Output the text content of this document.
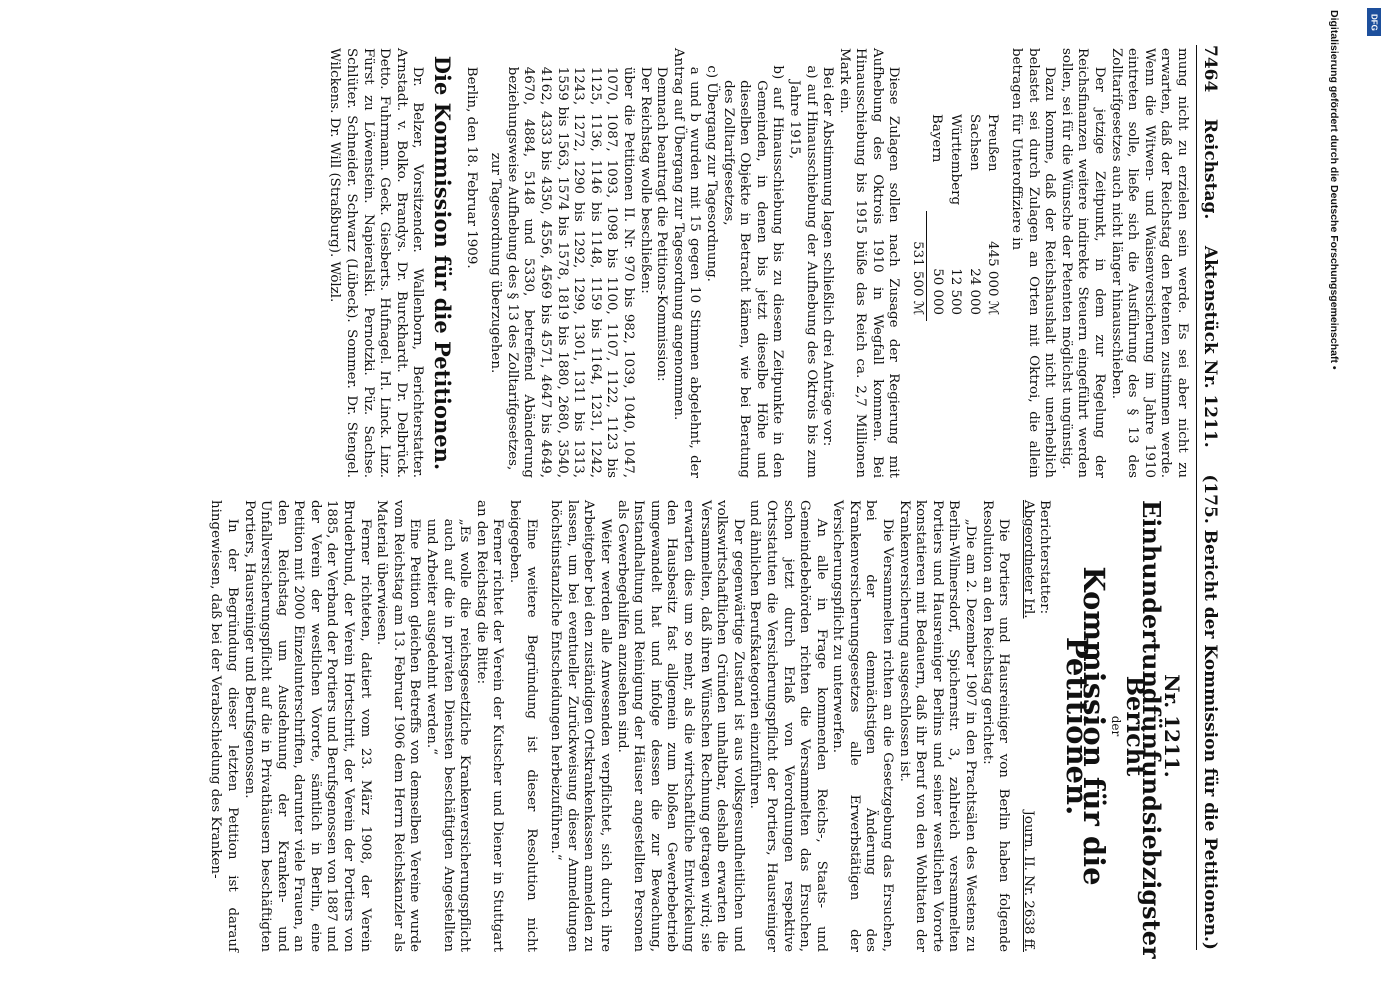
7464
Reichstag.
Aktenstück Nr. 1211.
(175. Bericht der Kommission für die Petitionen.)

mung nicht zu erzielen sein werde. Es sei aber nicht zu erwarten, daß der Reichstag den Petenten zustimmen werde. Wenn die Witwen- und Waisenversicherung im Jahre 1910 eintreten solle, ließe sich die Ausführung des § 13 des Zolltarifgesetzes auch nicht länger hinausschieben.

Der jetzige Zeitpunkt, in dem zur Regelung der Reichsfinanzen weitere indirekte Steuern eingeführt werden sollen, sei für die Wünsche der Petenten möglichst ungünstig.

Dazu komme, daß der Reichshaushalt nicht unerheblich belastet sei durch Zulagen an Orten mit Oktroi, die allein betragen für Unteroffiziere in

Preußen	445 000 ℳ
Sachsen	24 000
Württemberg	12 500
Bayern	50 000
	531 500 ℳ

Diese Zulagen sollen nach Zusage der Regierung mit Aufhebung des Oktrois 1910 in Wegfall kommen. Bei Hinausschiebung bis 1915 büße das Reich ca. 2,7 Millionen Mark ein.

Bei der Abstimmung lagen schließlich drei Anträge vor:

a) auf Hinausschiebung der Aufhebung des Oktrois bis zum Jahre 1915,

b) auf Hinausschiebung bis zu diesem Zeitpunkte in den Gemeinden, in denen bis jetzt dieselbe Höhe und dieselben Objekte in Betracht kämen, wie bei Beratung des Zolltarifgesetzes,

c) Übergang zur Tagesordnung.

a und b wurden mit 15 gegen 10 Stimmen abgelehnt, der Antrag auf Übergang zur Tagesordnung angenommen.

Demnach beantragt die Petitions-Kommission:

Der Reichstag wolle beschließen:

über die Petitionen II. Nr. 970 bis 982, 1039, 1040, 1047, 1070, 1087, 1093, 1098 bis 1100, 1107, 1122, 1123 bis 1125, 1136, 1146 bis 1148, 1159 bis 1164, 1231, 1242, 1243, 1272, 1290 bis 1292, 1299, 1301, 1311 bis 1313, 1559 bis 1563, 1574 bis 1578, 1819 bis 1880, 2680, 3540, 4162, 4333 bis 4350, 4556, 4569 bis 4571, 4647 bis 4649, 4670, 4884, 5148 und 5330, betreffend Abänderung beziehungsweise Aufhebung des § 13 des Zolltarifgesetzes,

zur Tagesordnung überzugehen.

Berlin, den 18. Februar 1909.

Die Kommission für die Petitionen.

Dr. Belzer, Vorsitzender. Wallenborn, Berichterstatter. Arnstadt. v. Bolko. Brandys. Dr. Burckhardt. Dr. Delbrück. Detto. Fuhrmann. Geck. Giesberts. Hufnagel. Irl. Linck. Linz. Fürst zu Löwenstein. Napieralski. Pernotzki. Püz. Sachse. Schlüter. Schneider. Schwarz (Lübeck). Sommer. Dr. Stengel. Wilckens. Dr. Will (Straßburg). Wölzl.

Nr. 1211.
Einhundertundfünfundsiebzigster Bericht
der
Kommission für die Petitionen.
Berichterstatter:
Abgeordneter Irl.
Journ. II. Nr. 2638 ff.

Die Portiers und Hausreiniger von Berlin haben folgende Resolution an den Reichstag gerichtet:

„Die am 2. Dezember 1907 in den Prachtsälen des Westens zu Berlin-Wilmersdorf, Spichernstr. 3, zahlreich versammelten Portiers und Hausreiniger Berlins und seiner westlichen Vororte konstatieren mit Bedauern, daß ihr Beruf von den Wohltaten der Krankenversicherung ausgeschlossen ist.

Die Versammelten richten an die Gesetzgebung das Ersuchen, bei der demnächstigen Änderung des Krankenversicherungsgesetzes alle Erwerbstätigen der Versicherungspflicht zu unterwerfen.

An alle in Frage kommenden Reichs-, Staats- und Gemeindebehörden richten die Versammelten das Ersuchen, schon jetzt durch Erlaß von Verordnungen respektive Ortsstatuten die Versicherungspflicht der Portiers, Hausreiniger und ähnlichen Berufskategorien einzuführen.

Der gegenwärtige Zustand ist aus volksgesundheitlichen und volkswirtschaftlichen Gründen unhaltbar, deshalb erwarten die Versammelten, daß ihren Wünschen Rechnung getragen wird; sie erwarten dies um so mehr, als die wirtschaftliche Entwickelung den Hausbesitz fast allgemein zum bloßen Gewerbebetrieb umgewandelt hat und infolge dessen die zur Bewachung, Instandhaltung und Reinigung der Häuser angestellten Personen als Gewerbegehilfen anzusehen sind.

Weiter werden alle Anwesenden verpflichtet, sich durch ihre Arbeitgeber bei den zuständigen Ortskrankenkassen anmelden zu lassen, um bei eventueller Zurückweisung dieser Anmeldungen höchstinstanzliche Entscheidungen herbeizuführen.“

Eine weitere Begründung ist dieser Resolution nicht beigegeben.

Ferner richtet der Verein der Kutscher und Diener in Stuttgart an den Reichstag die Bitte:

„Es wolle die reichsgesetzliche Krankenversicherungspflicht auch auf die in privaten Diensten beschäftigten Angestellten und Arbeiter ausgedehnt werden.“

Eine Petition gleichen Betreffs von demselben Vereine wurde vom Reichstag am 13. Februar 1906 dem Herrn Reichskanzler als Material überwiesen.

Ferner richteten, datiert vom 23. März 1908, der Verein Bruderbund, der Verein Hortschritt, der Verein der Portiers von 1885, der Verband der Portiers und Berufsgenossen von 1887 und der Verein der westlichen Vororte, sämtlich in Berlin, eine Petition mit 2000 Einzelunterschriften, darunter viele Frauen, an den Reichstag um Ausdehnung der Kranken- und Unfallversicherungspflicht auf die in Privathäusern beschäftigten Portiers, Hausreiniger und Berufsgenossen.

In der Begründung dieser letzten Petition ist darauf hingewiesen, daß bei der Verabschiedung des Kranken-

Digitalisierung gefördert durch die Deutsche Forschungsgemeinschaft •	DFG
